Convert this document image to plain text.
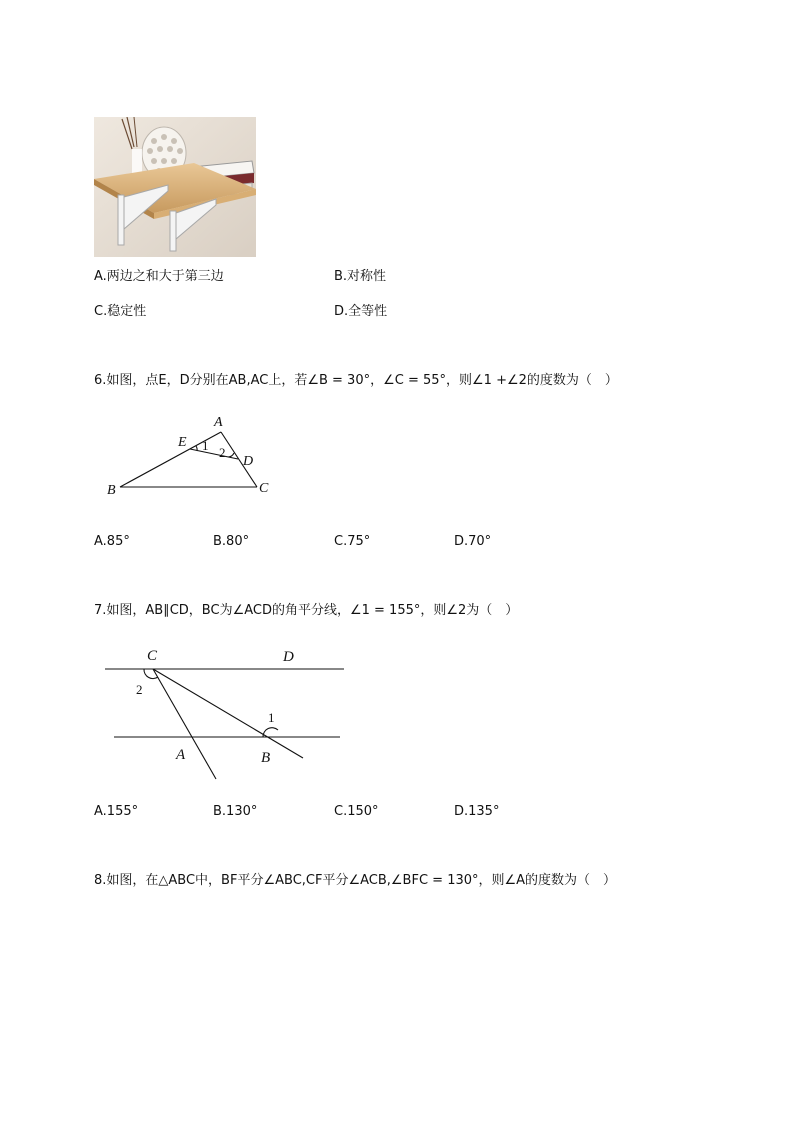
A.两边之和大于第三边	B.对称性
C.稳定性	D.全等性
6.如图，点E，D分别在AB,AC上，若∠B = 30°，∠C = 55°，则∠1 +∠2的度数为（　）
A
E
D
B	C
1 2
A.85°	B.80°	C.75°	D.70°
7.如图，AB∥CD，BC为∠ACD的角平分线，∠1 = 155°，则∠2为（　）
C	D
A	B
2
1
A.155°	B.130°	C.150°	D.135°
8.如图，在△ABC中，BF平分∠ABC,CF平分∠ACB,∠BFC = 130°，则∠A的度数为（　）
